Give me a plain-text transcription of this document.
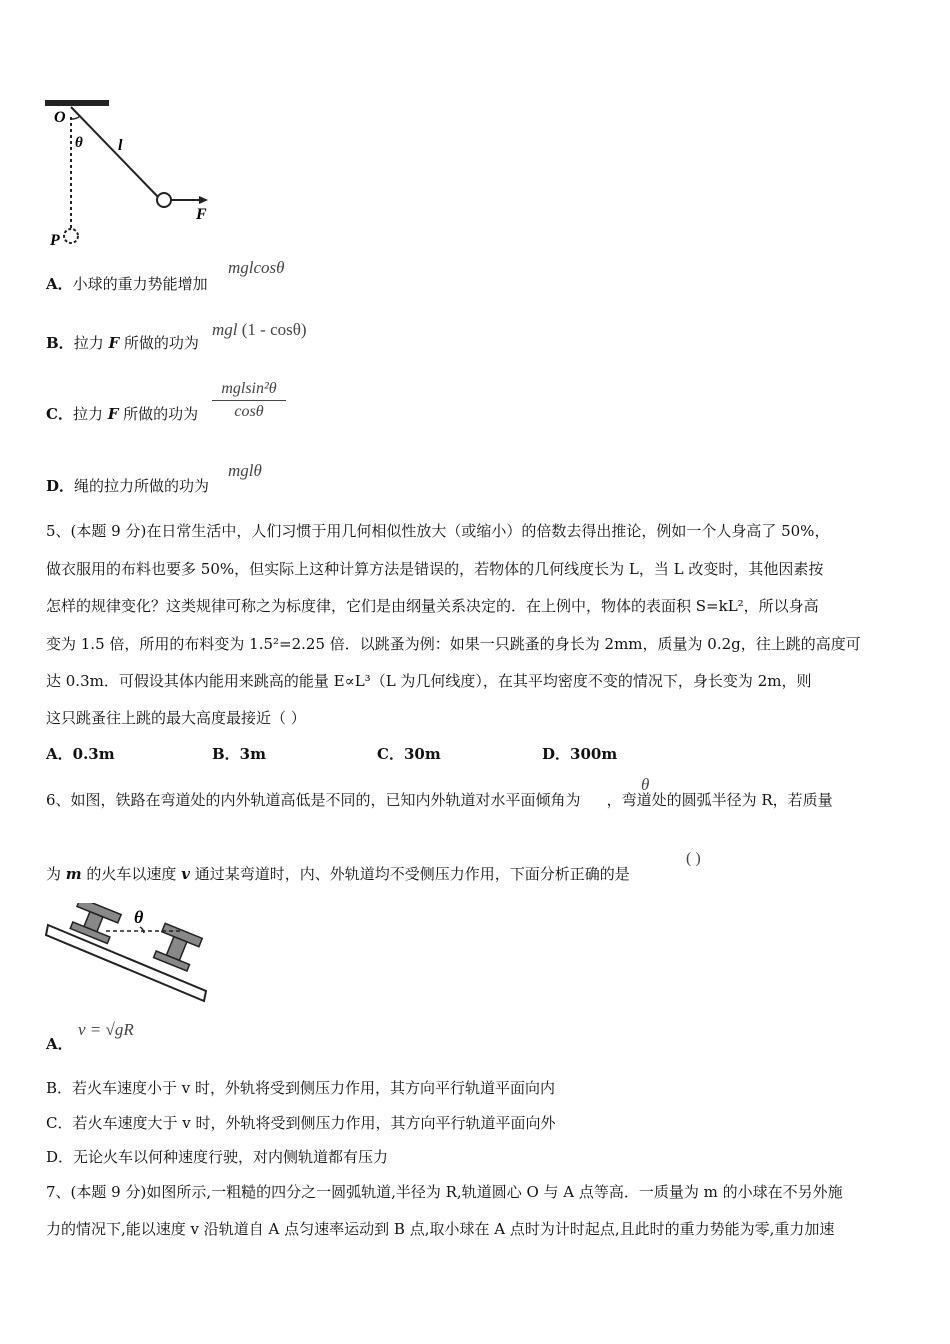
O
θ l
F
P
A．小球的重力势能增加
mglcosθ
B．拉力 F 所做的功为
mgl (1 - cosθ)
C．拉力 F 所做的功为
mglsin²θ
cosθ
D．绳的拉力所做的功为
mglθ
5、(本题 9 分)在日常生活中，人们习惯于用几何相似性放大（或缩小）的倍数去得出推论，例如一个人身高了 50%，
做衣服用的布料也要多 50%，但实际上这种计算方法是错误的，若物体的几何线度长为 L，当 L 改变时，其他因素按
怎样的规律变化？这类规律可称之为标度律，它们是由纲量关系决定的．在上例中，物体的表面积 S=kL²，所以身高
变为 1.5 倍，所用的布料变为 1.5²=2.25 倍．以跳蚤为例：如果一只跳蚤的身长为 2mm，质量为 0.2g，往上跳的高度可
达 0.3m．可假设其体内能用来跳高的能量 E∝L³（L 为几何线度），在其平均密度不变的情况下，身长变为 2m，则
这只跳蚤往上跳的最大高度最接近（ ）
A．0.3m	B．3m	C．30m	D．300m
6、如图，铁路在弯道处的内外轨道高低是不同的，已知内外轨道对水平面倾角为 ，弯道处的圆弧半径为 R，若质量
θ
为 m 的火车以速度 v 通过某弯道时，内、外轨道均不受侧压力作用，下面分析正确的是
( )
θ
A．
v = √gR
B．若火车速度小于 v 时，外轨将受到侧压力作用，其方向平行轨道平面向内
C．若火车速度大于 v 时，外轨将受到侧压力作用，其方向平行轨道平面向外
D．无论火车以何种速度行驶，对内侧轨道都有压力
7、(本题 9 分)如图所示,一粗糙的四分之一圆弧轨道,半径为 R,轨道圆心 O 与 A 点等高．一质量为 m 的小球在不另外施
力的情况下,能以速度 v 沿轨道自 A 点匀速率运动到 B 点,取小球在 A 点时为计时起点,且此时的重力势能为零,重力加速
